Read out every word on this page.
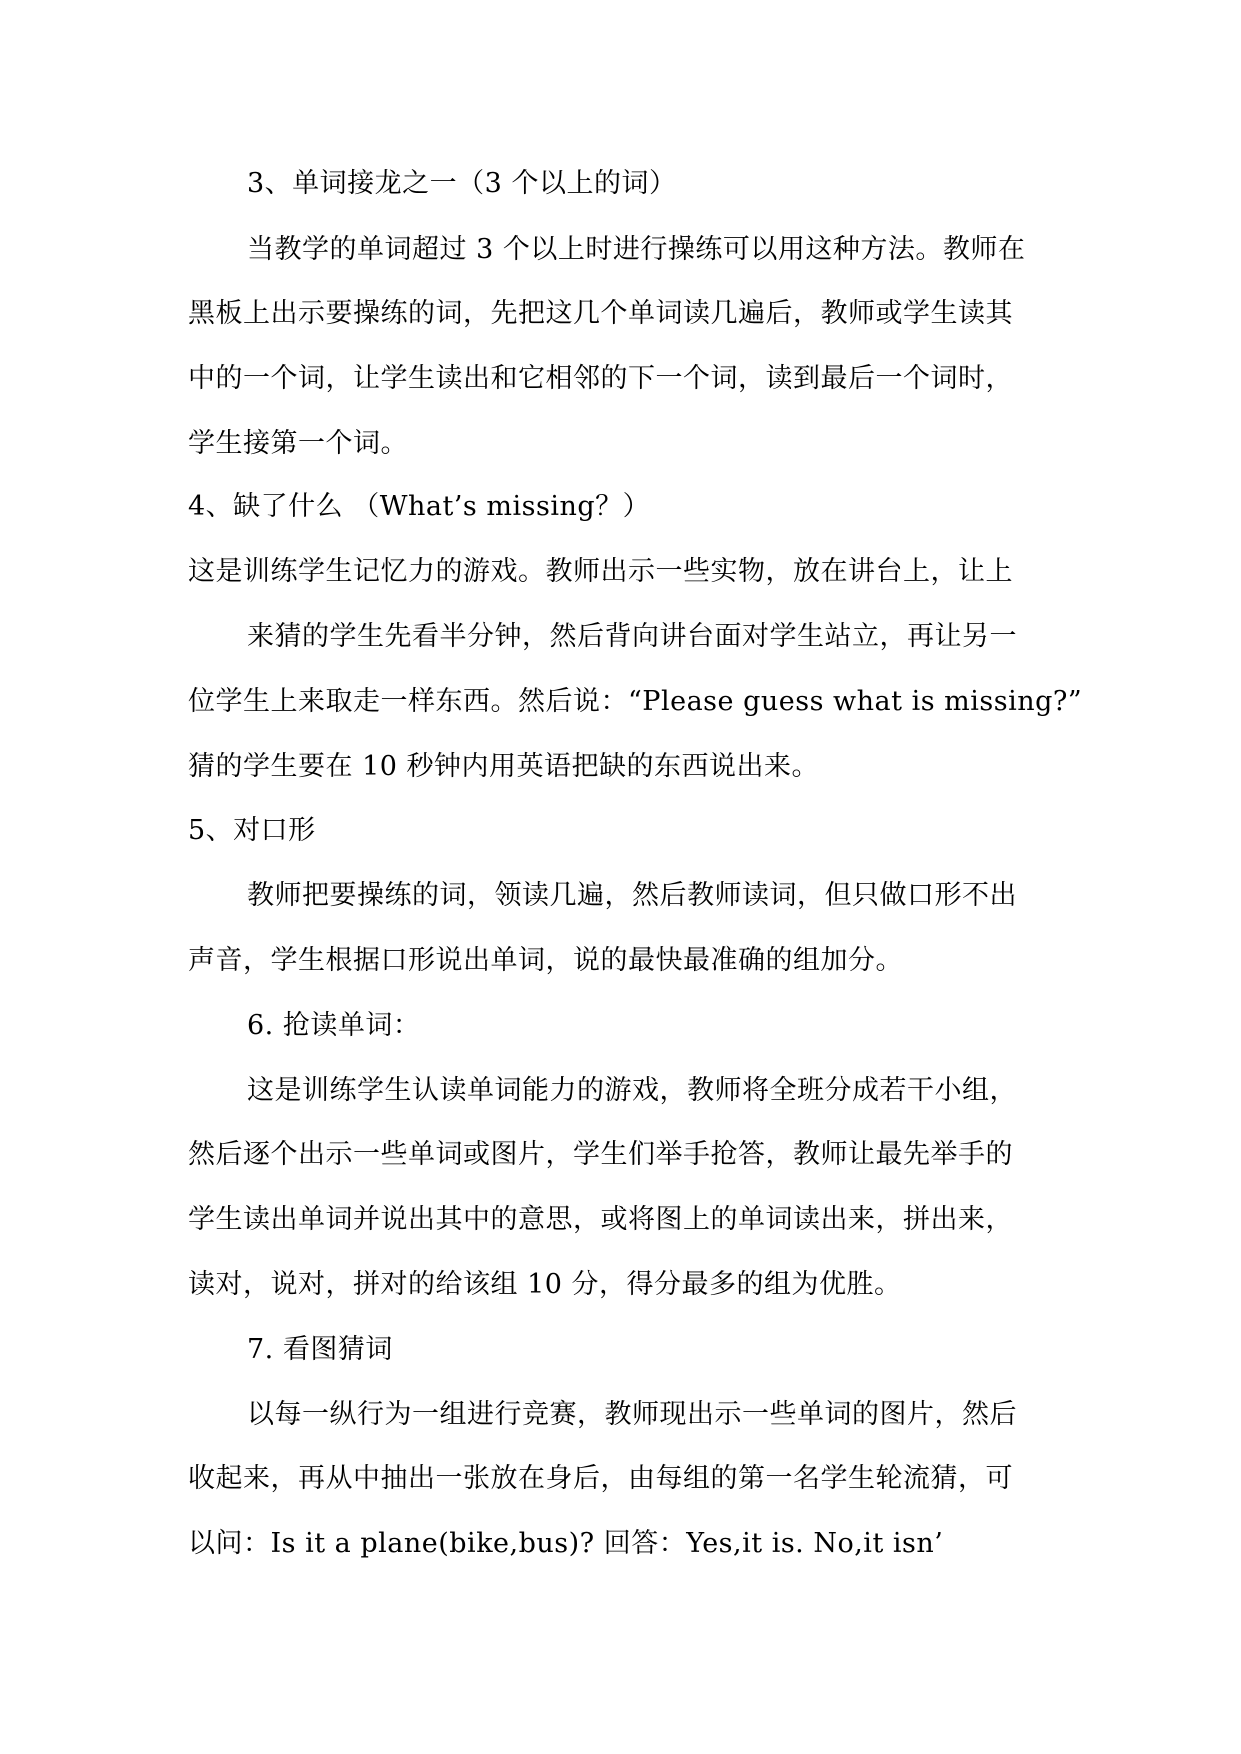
3、单词接龙之一（3 个以上的词）
当教学的单词超过 3 个以上时进行操练可以用这种方法。教师在
黑板上出示要操练的词，先把这几个单词读几遍后，教师或学生读其
中的一个词，让学生读出和它相邻的下一个词，读到最后一个词时，
学生接第一个词。
4、缺了什么 （What’s missing？）
这是训练学生记忆力的游戏。教师出示一些实物，放在讲台上，让上
来猜的学生先看半分钟，然后背向讲台面对学生站立，再让另一
位学生上来取走一样东西。然后说：“Please guess what is missing?”
猜的学生要在 10 秒钟内用英语把缺的东西说出来。
5、对口形
教师把要操练的词，领读几遍，然后教师读词，但只做口形不出
声音，学生根据口形说出单词，说的最快最准确的组加分。
6. 抢读单词：
这是训练学生认读单词能力的游戏，教师将全班分成若干小组，
然后逐个出示一些单词或图片，学生们举手抢答，教师让最先举手的
学生读出单词并说出其中的意思，或将图上的单词读出来，拼出来，
读对，说对，拼对的给该组 10 分，得分最多的组为优胜。
7. 看图猜词
以每一纵行为一组进行竞赛，教师现出示一些单词的图片，然后
收起来，再从中抽出一张放在身后，由每组的第一名学生轮流猜，可
以问：Is it a plane(bike,bus)? 回答：Yes,it is. No,it isn’
